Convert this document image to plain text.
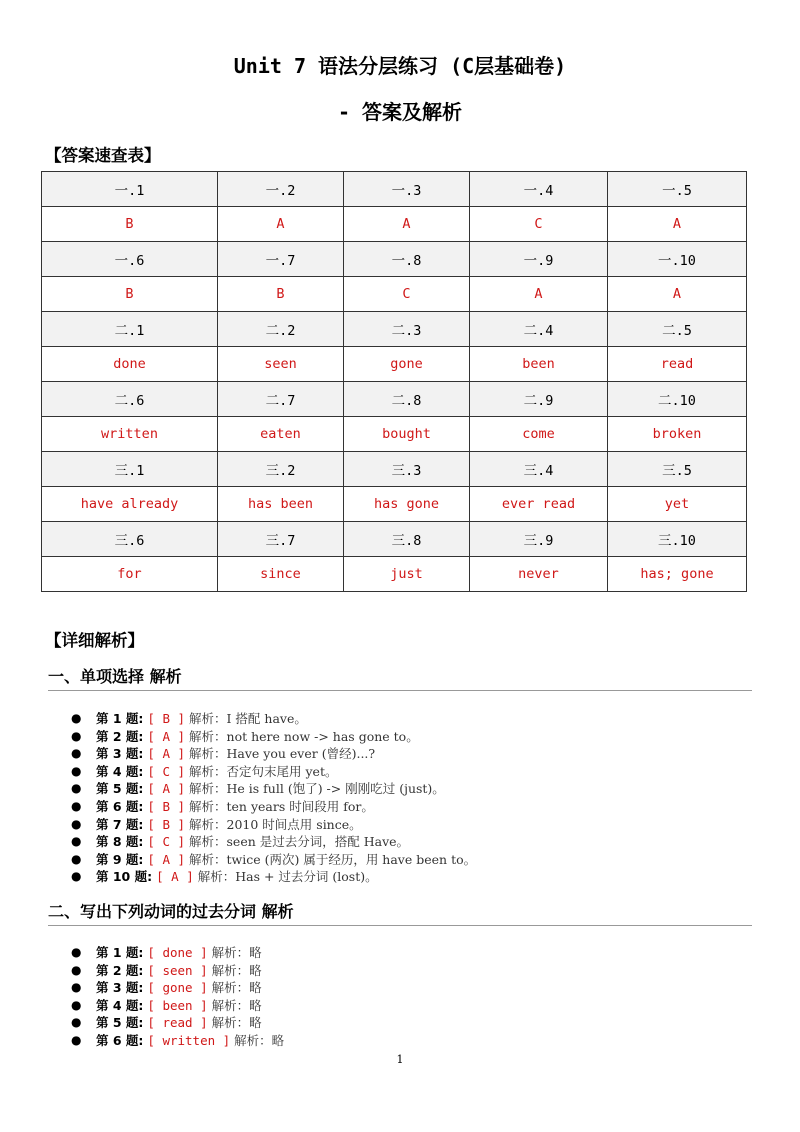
Unit 7 语法分层练习 (C层基础卷)
- 答案及解析
【答案速查表】
一.1	一.2	一.3	一.4	一.5
B	A	A	C	A
一.6	一.7	一.8	一.9	一.10
B	B	C	A	A
二.1	二.2	二.3	二.4	二.5
done	seen	gone	been	read
二.6	二.7	二.8	二.9	二.10
written	eaten	bought	come	broken
三.1	三.2	三.3	三.4	三.5
have already	has been	has gone	ever read	yet
三.6	三.7	三.8	三.9	三.10
for	since	just	never	has; gone
【详细解析】
一、单项选择 解析
● 第 1 题: [ B ] 解析：I 搭配 have。
● 第 2 题: [ A ] 解析：not here now -> has gone to。
● 第 3 题: [ A ] 解析：Have you ever (曾经)...?
● 第 4 题: [ C ] 解析：否定句末尾用 yet。
● 第 5 题: [ A ] 解析：He is full (饱了) -> 刚刚吃过 (just)。
● 第 6 题: [ B ] 解析：ten years 时间段用 for。
● 第 7 题: [ B ] 解析：2010 时间点用 since。
● 第 8 题: [ C ] 解析：seen 是过去分词，搭配 Have。
● 第 9 题: [ A ] 解析：twice (两次) 属于经历，用 have been to。
● 第 10 题: [ A ] 解析：Has + 过去分词 (lost)。
二、写出下列动词的过去分词 解析
● 第 1 题: [ done ] 解析：略
● 第 2 题: [ seen ] 解析：略
● 第 3 题: [ gone ] 解析：略
● 第 4 题: [ been ] 解析：略
● 第 5 题: [ read ] 解析：略
● 第 6 题: [ written ] 解析：略
1
